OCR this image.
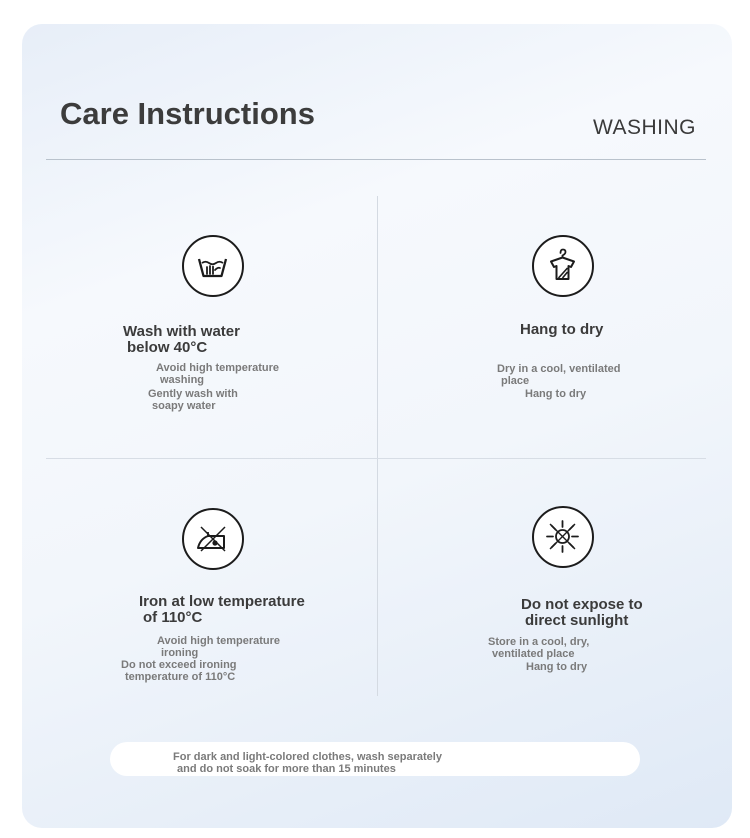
Care Instructions	WASHING
Wash with water

below 40°C
Avoid high temperature

washing
Gently wash with

soapy water
Hang to dry
Dry in a cool, ventilated

place
Hang to dry
Iron at low temperature

of 110°C
Avoid high temperature

ironing
Do not exceed ironing

temperature of 110°C
Do not expose to

direct sunlight
Store in a cool, dry,

ventilated place
Hang to dry
For dark and light-colored clothes, wash separately

and do not soak for more than 15 minutes
